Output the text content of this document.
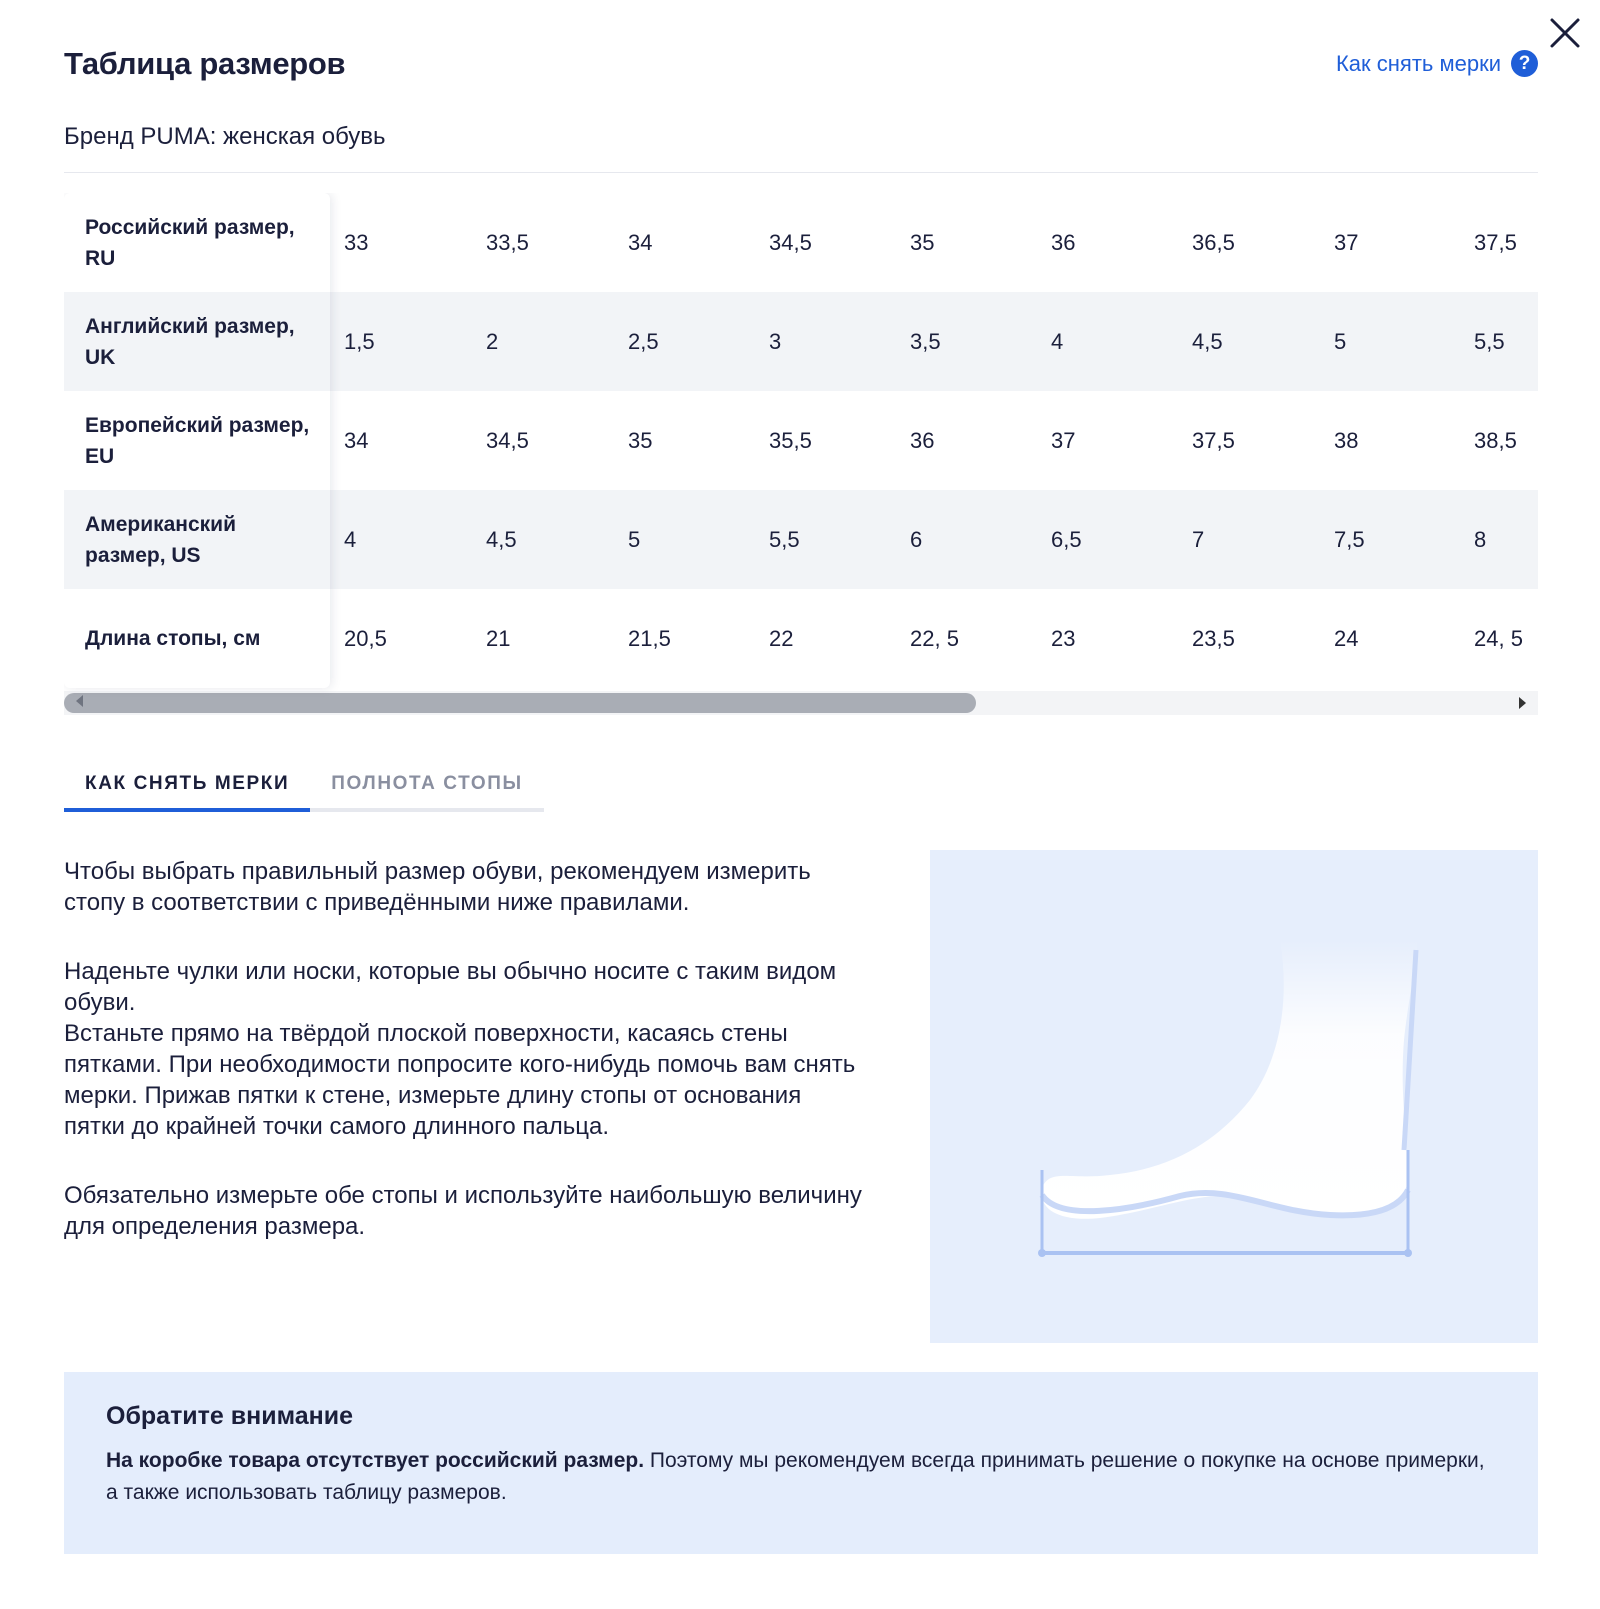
Таблица размеров	Как снять мерки ?
Бренд PUMA: женская обувь
Российский размер, RU
33	33,5	34	34,5	35	36	36,5	37	37,5
Английский размер, UK
1,5	2	2,5	3	3,5	4	4,5	5	5,5
Европейский размер, EU
34	34,5	35	35,5	36	37	37,5	38	38,5
Американский размер, US
4	4,5	5	5,5	6	6,5	7	7,5	8
Длина стопы, см	20,5	21	21,5	22	22, 5	23	23,5	24	24, 5
КАК СНЯТЬ МЕРКИ	ПОЛНОТА СТОПЫ

Чтобы выбрать правильный размер обуви, рекомендуем измерить стопу в соответствии с приведёнными ниже правилами.

Наденьте чулки или носки, которые вы обычно носите с таким видом обуви.

Встаньте прямо на твёрдой плоской поверхности, касаясь стены пятками. При необходимости попросите кого-нибудь помочь вам снять мерки. Прижав пятки к стене, измерьте длину стопы от основания пятки до крайней точки самого длинного пальца.

Обязательно измерьте обе стопы и используйте наибольшую величину для определения размера.

Обратите внимание

На коробке товара отсутствует российский размер. Поэтому мы рекомендуем всегда принимать решение о покупке на основе примерки, а также использовать таблицу размеров.
